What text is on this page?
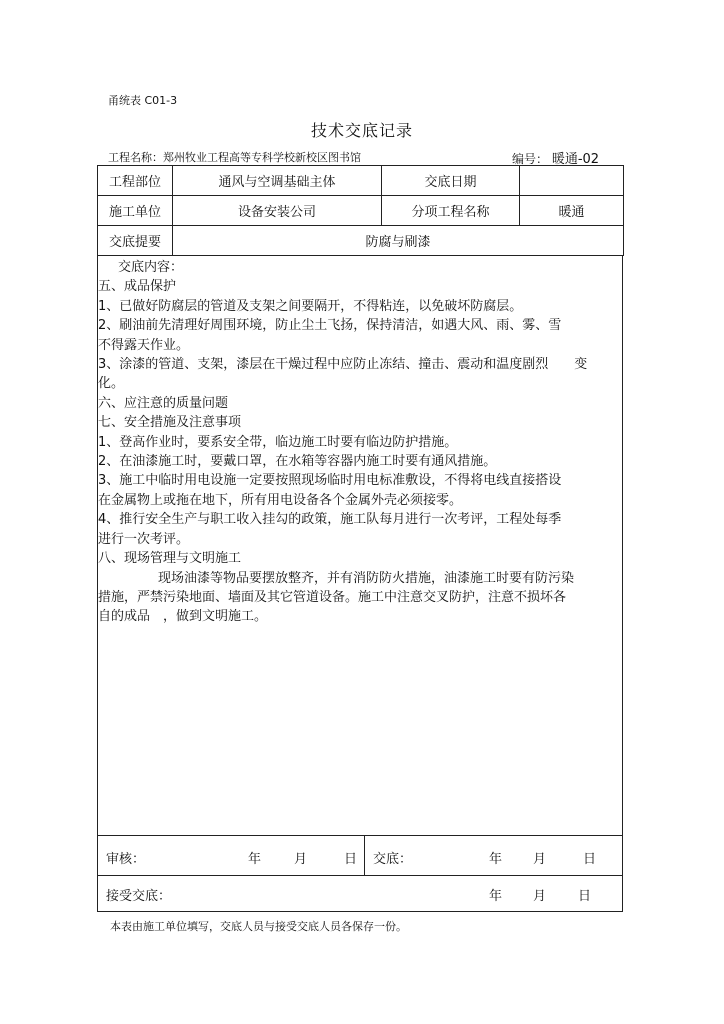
甬统表 C01-3
技术交底记录
工程名称：郑州牧业工程高等专科学校新校区图书馆	编号： 暖通-02
工程部位	通风与空调基础主体	交底日期	
施工单位	设备安装公司	分项工程名称	暖通
交底提要	防腐与刷漆		
交底内容：
五、成品保护
1、已做好防腐层的管道及支架之间要隔开，不得粘连，以免破坏防腐层。
2、刷油前先清理好周围环境，防止尘土飞扬，保持清洁，如遇大风、雨、雾、雪
不得露天作业。
3、涂漆的管道、支架，漆层在干燥过程中应防止冻结、撞击、震动和温度剧烈　　变
化。
六、应注意的质量问题
七、安全措施及注意事项
1、登高作业时，要系安全带，临边施工时要有临边防护措施。
2、在油漆施工时，要戴口罩，在水箱等容器内施工时要有通风措施。
3、施工中临时用电设施一定要按照现场临时用电标准敷设，不得将电线直接搭设
在金属物上或拖在地下，所有用电设备各个金属外壳必须接零。
4、推行安全生产与职工收入挂勾的政策，施工队每月进行一次考评，工程处每季
进行一次考评。
八、现场管理与文明施工
现场油漆等物品要摆放整齐，并有消防防火措施，油漆施工时要有防污染
措施，严禁污染地面、墙面及其它管道设备。施工中注意交叉防护，注意不损坏各
自的成品　，做到文明施工。
审核：	年	月	日 交底：	年 月	日
接受交底：	年 月 日
本表由施工单位填写，交底人员与接受交底人员各保存一份。
